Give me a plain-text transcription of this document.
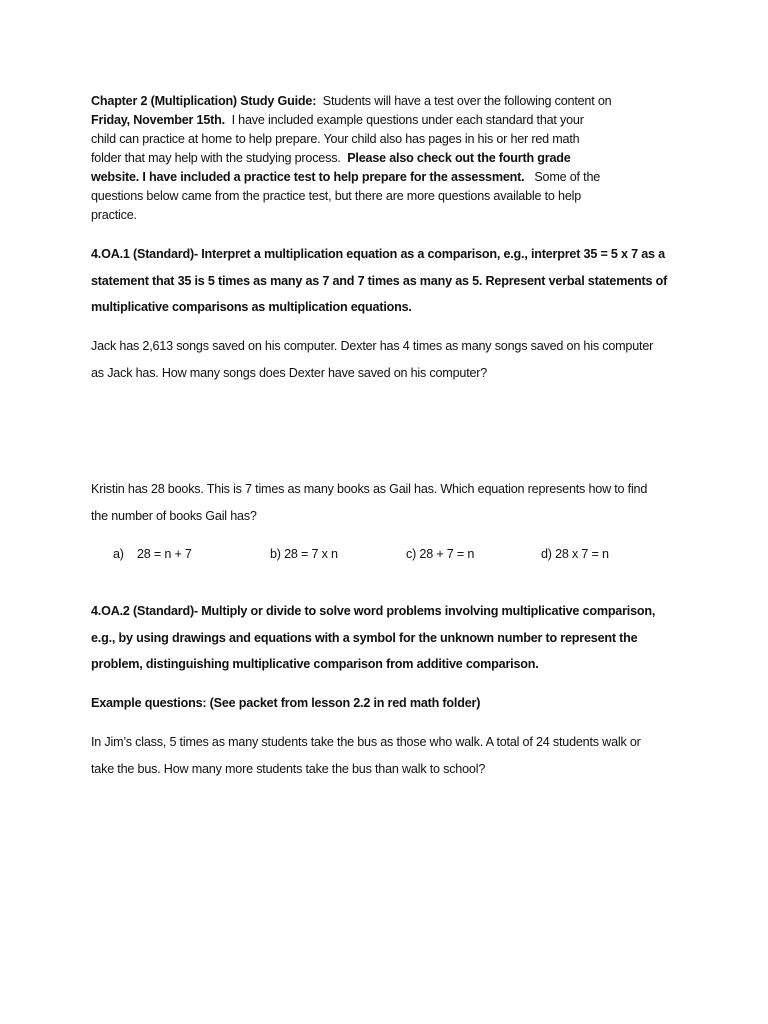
Chapter 2 (Multiplication) Study Guide: Students will have a test over the following content on
Friday, November 15th. I have included example questions under each standard that your
child can practice at home to help prepare. Your child also has pages in his or her red math
folder that may help with the studying process. Please also check out the fourth grade
website. I have included a practice test to help prepare for the assessment. Some of the
questions below came from the practice test, but there are more questions available to help
practice.
4.OA.1 (Standard)- Interpret a multiplication equation as a comparison, e.g., interpret 35 = 5 x 7 as a
statement that 35 is 5 times as many as 7 and 7 times as many as 5. Represent verbal statements of
multiplicative comparisons as multiplication equations.
Jack has 2,613 songs saved on his computer. Dexter has 4 times as many songs saved on his computer
as Jack has. How many songs does Dexter have saved on his computer?
Kristin has 28 books. This is 7 times as many books as Gail has. Which equation represents how to find
the number of books Gail has?
a) 28 = n + 7	b) 28 = 7 x n	c) 28 + 7 = n	d) 28 x 7 = n
4.OA.2 (Standard)- Multiply or divide to solve word problems involving multiplicative comparison,
e.g., by using drawings and equations with a symbol for the unknown number to represent the
problem, distinguishing multiplicative comparison from additive comparison.
Example questions: (See packet from lesson 2.2 in red math folder)
In Jim’s class, 5 times as many students take the bus as those who walk. A total of 24 students walk or
take the bus. How many more students take the bus than walk to school?
